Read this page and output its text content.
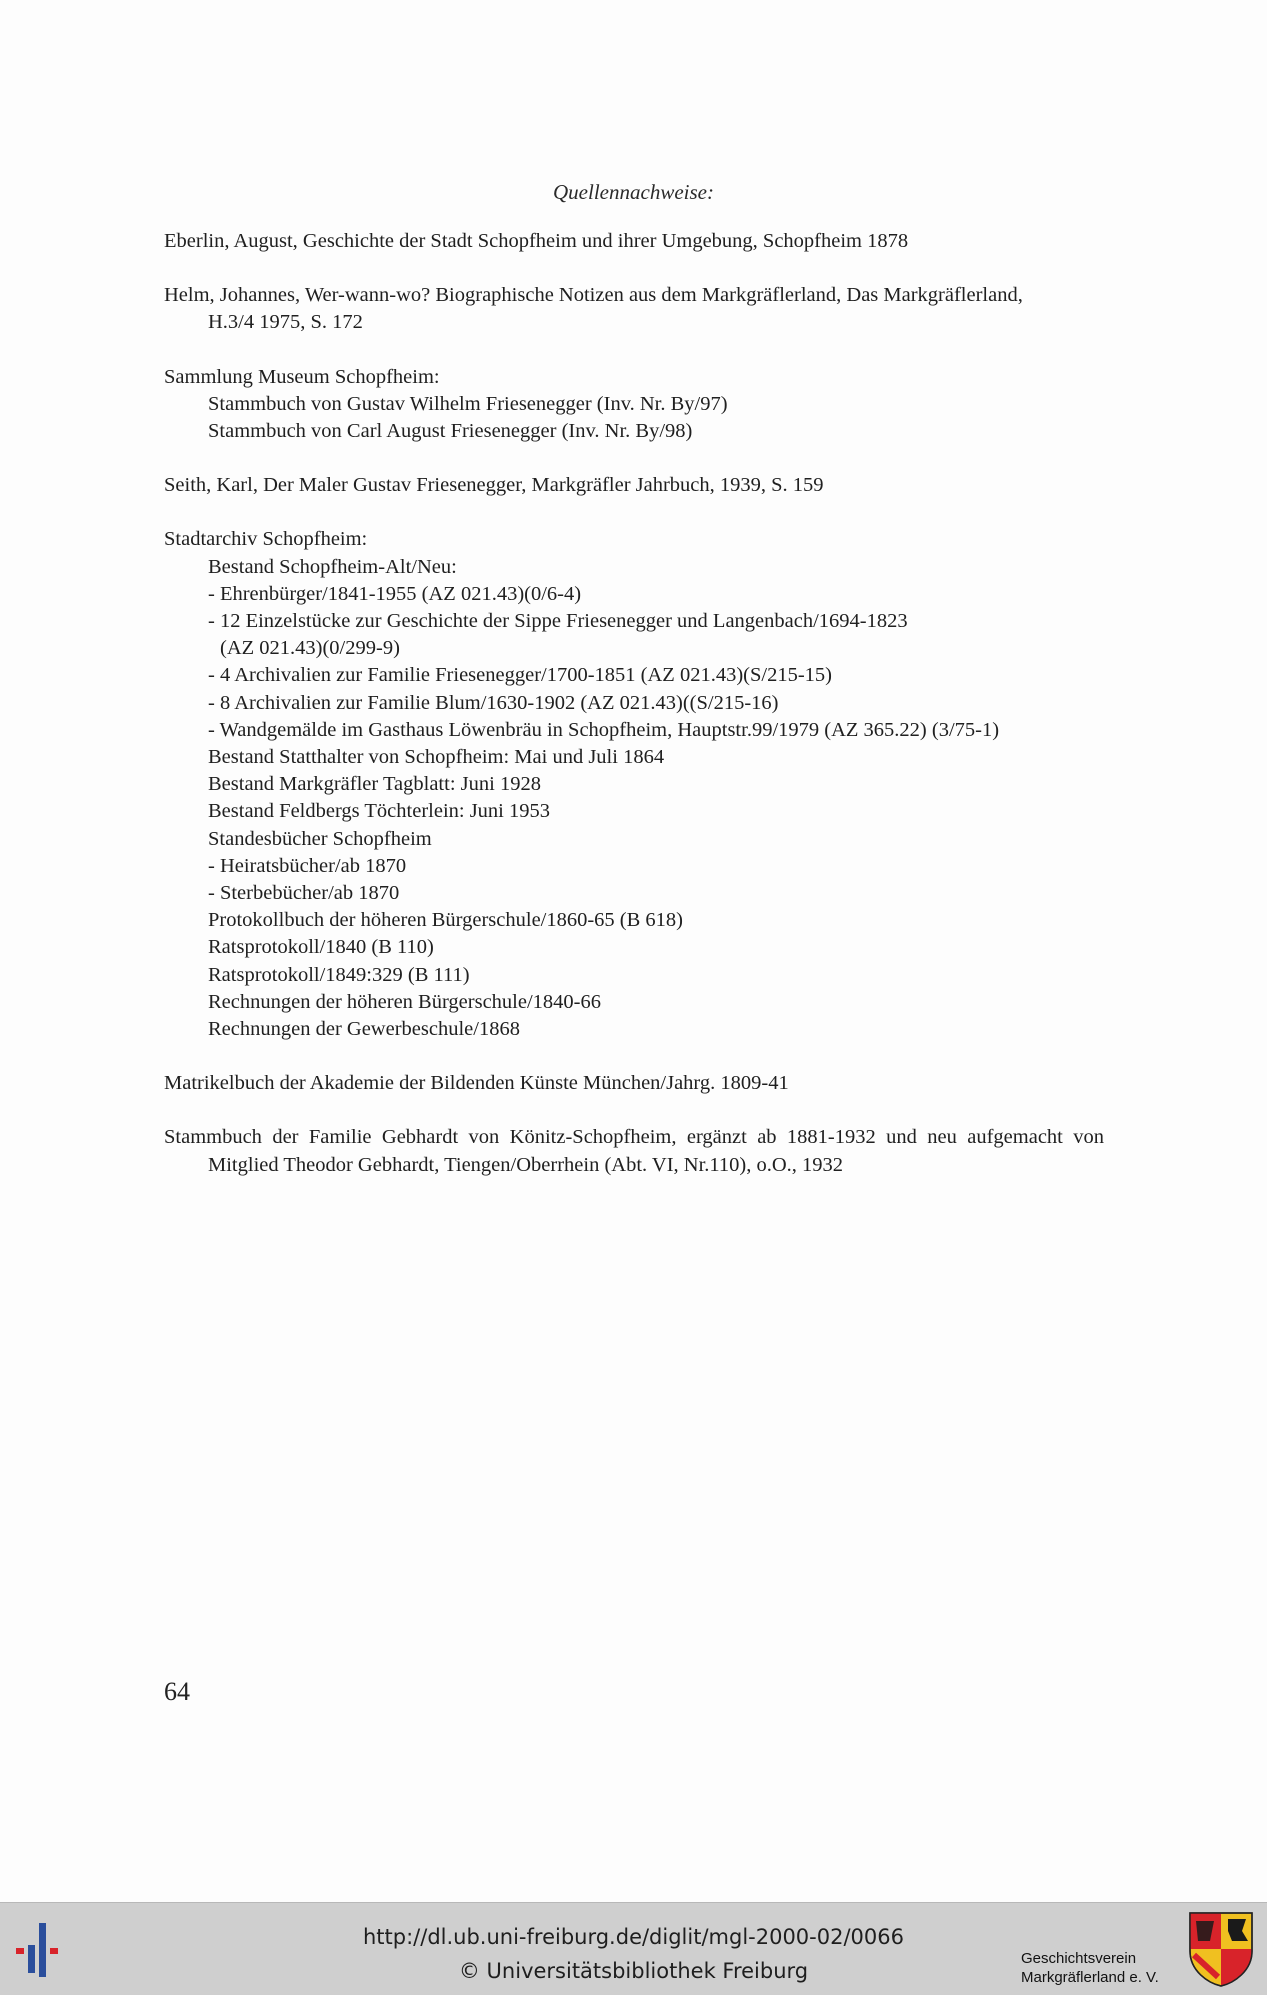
Quellennachweise:
Eberlin, August, Geschichte der Stadt Schopfheim und ihrer Umgebung, Schopfheim 1878
Helm, Johannes, Wer-wann-wo? Biographische Notizen aus dem Markgräflerland, Das Markgräflerland,
H.3/4 1975, S. 172
Sammlung Museum Schopfheim:
Stammbuch von Gustav Wilhelm Friesenegger (Inv. Nr. By/97)
Stammbuch von Carl August Friesenegger (Inv. Nr. By/98)
Seith, Karl, Der Maler Gustav Friesenegger, Markgräfler Jahrbuch, 1939, S. 159
Stadtarchiv Schopfheim:
Bestand Schopfheim-Alt/Neu:
- Ehrenbürger/1841-1955 (AZ 021.43)(0/6-4)
- 12 Einzelstücke zur Geschichte der Sippe Friesenegger und Langenbach/1694-1823
(AZ 021.43)(0/299-9)
- 4 Archivalien zur Familie Friesenegger/1700-1851 (AZ 021.43)(S/215-15)
- 8 Archivalien zur Familie Blum/1630-1902 (AZ 021.43)((S/215-16)
- Wandgemälde im Gasthaus Löwenbräu in Schopfheim, Hauptstr.99/1979 (AZ 365.22) (3/75-1)
Bestand Statthalter von Schopfheim: Mai und Juli 1864
Bestand Markgräfler Tagblatt: Juni 1928
Bestand Feldbergs Töchterlein: Juni 1953
Standesbücher Schopfheim
- Heiratsbücher/ab 1870
- Sterbebücher/ab 1870
Protokollbuch der höheren Bürgerschule/1860-65 (B 618)
Ratsprotokoll/1840 (B 110)
Ratsprotokoll/1849:329 (B 111)
Rechnungen der höheren Bürgerschule/1840-66
Rechnungen der Gewerbeschule/1868
Matrikelbuch der Akademie der Bildenden Künste München/Jahrg. 1809-41
Stammbuch der Familie Gebhardt von Könitz-Schopfheim, ergänzt ab 1881-1932 und neu aufgemacht von
Mitglied Theodor Gebhardt, Tiengen/Oberrhein (Abt. VI, Nr.110), o.O., 1932
64
http://dl.ub.uni-freiburg.de/diglit/mgl-2000-02/0066
© Universitätsbibliothek Freiburg
Geschichtsverein
Markgräflerland e. V.
